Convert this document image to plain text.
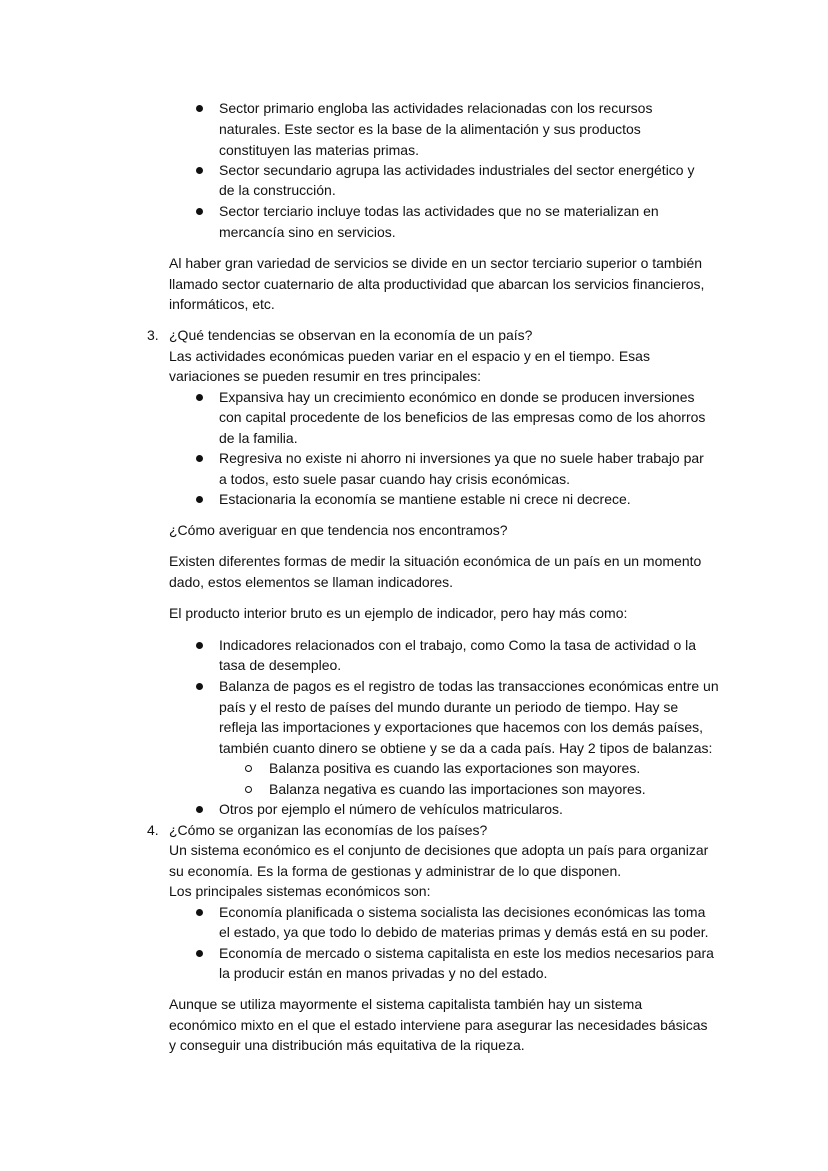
Sector primario engloba las actividades relacionadas con los recursos
naturales. Este sector es la base de la alimentación y sus productos
constituyen las materias primas.
Sector secundario agrupa las actividades industriales del sector energético y
de la construcción.
Sector terciario incluye todas las actividades que no se materializan en
mercancía sino en servicios.
Al haber gran variedad de servicios se divide en un sector terciario superior o también
llamado sector cuaternario de alta productividad que abarcan los servicios financieros,
informáticos, etc.
3. ¿Qué tendencias se observan en la economía de un país?
Las actividades económicas pueden variar en el espacio y en el tiempo. Esas
variaciones se pueden resumir en tres principales:
Expansiva hay un crecimiento económico en donde se producen inversiones
con capital procedente de los beneficios de las empresas como de los ahorros
de la familia.
Regresiva no existe ni ahorro ni inversiones ya que no suele haber trabajo par
a todos, esto suele pasar cuando hay crisis económicas.
Estacionaria la economía se mantiene estable ni crece ni decrece.
¿Cómo averiguar en que tendencia nos encontramos?
Existen diferentes formas de medir la situación económica de un país en un momento
dado, estos elementos se llaman indicadores.
El producto interior bruto es un ejemplo de indicador, pero hay más como:
Indicadores relacionados con el trabajo, como Como la tasa de actividad o la
tasa de desempleo.
Balanza de pagos es el registro de todas las transacciones económicas entre un
país y el resto de países del mundo durante un periodo de tiempo. Hay se
refleja las importaciones y exportaciones que hacemos con los demás países,
también cuanto dinero se obtiene y se da a cada país. Hay 2 tipos de balanzas:
Balanza positiva es cuando las exportaciones son mayores.
Balanza negativa es cuando las importaciones son mayores.
Otros por ejemplo el número de vehículos matricularos.
4. ¿Cómo se organizan las economías de los países?
Un sistema económico es el conjunto de decisiones que adopta un país para organizar
su economía. Es la forma de gestionas y administrar de lo que disponen.
Los principales sistemas económicos son:
Economía planificada o sistema socialista las decisiones económicas las toma
el estado, ya que todo lo debido de materias primas y demás está en su poder.
Economía de mercado o sistema capitalista en este los medios necesarios para
la producir están en manos privadas y no del estado.
Aunque se utiliza mayormente el sistema capitalista también hay un sistema
económico mixto en el que el estado interviene para asegurar las necesidades básicas
y conseguir una distribución más equitativa de la riqueza.
